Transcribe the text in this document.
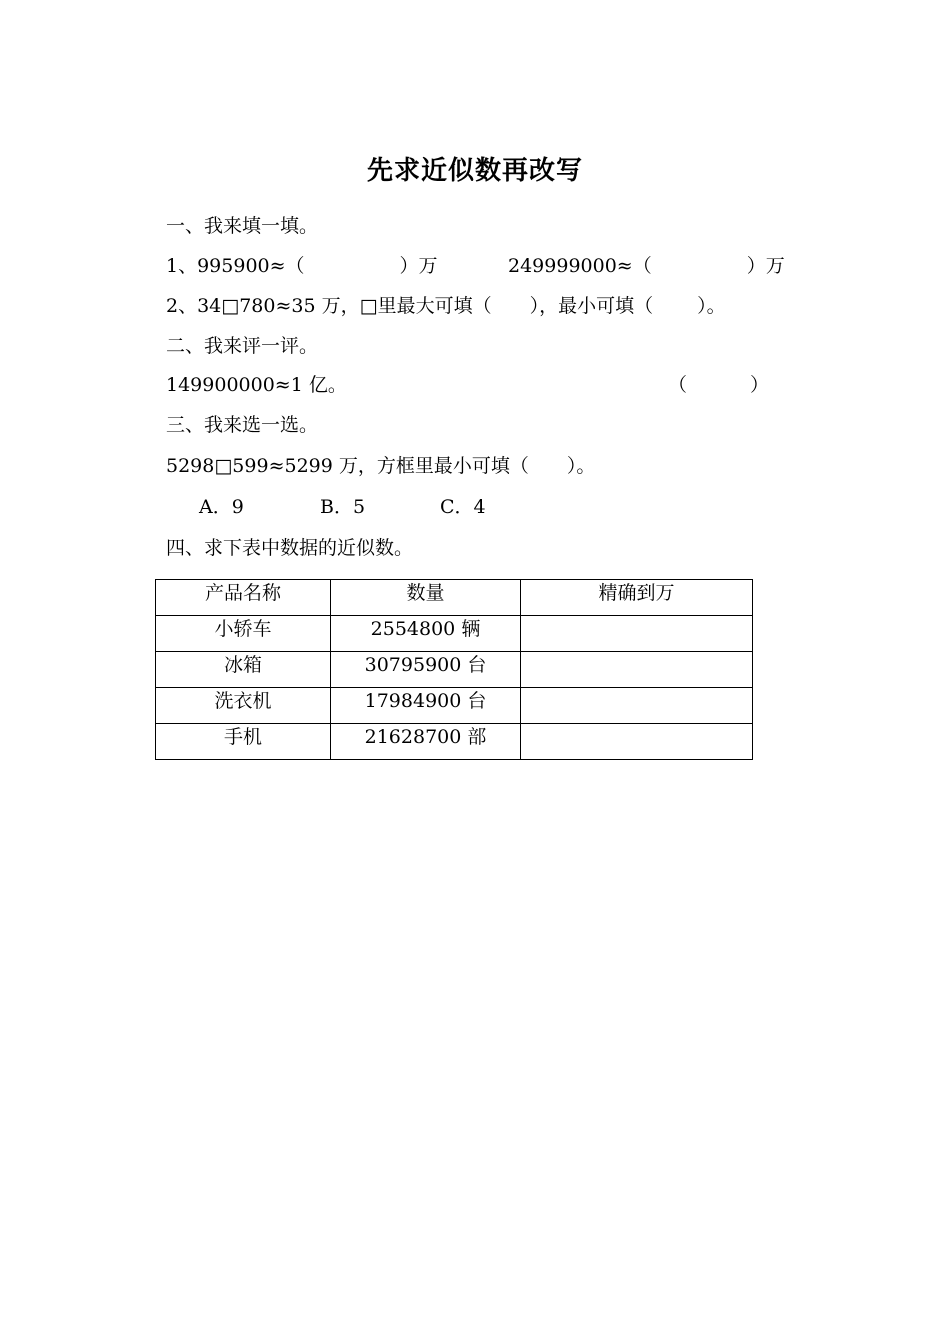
先求近似数再改写
一、我来填一填。
1、995900≈（　　　　　）万	249999000≈（　　　　　）万
2、34□780≈35 万，□里最大可填（　　），最小可填（　　 ）。
二、我来评一评。
149900000≈1 亿。	（　　　 ）
三、我来选一选。
5298□599≈5299 万，方框里最小可填（　　）。
A．9	B．5	C．4
四、求下表中数据的近似数。
产品名称	数量	精确到万
小轿车	2554800 辆	
冰箱	30795900 台	
洗衣机	17984900 台	
手机	21628700 部	
